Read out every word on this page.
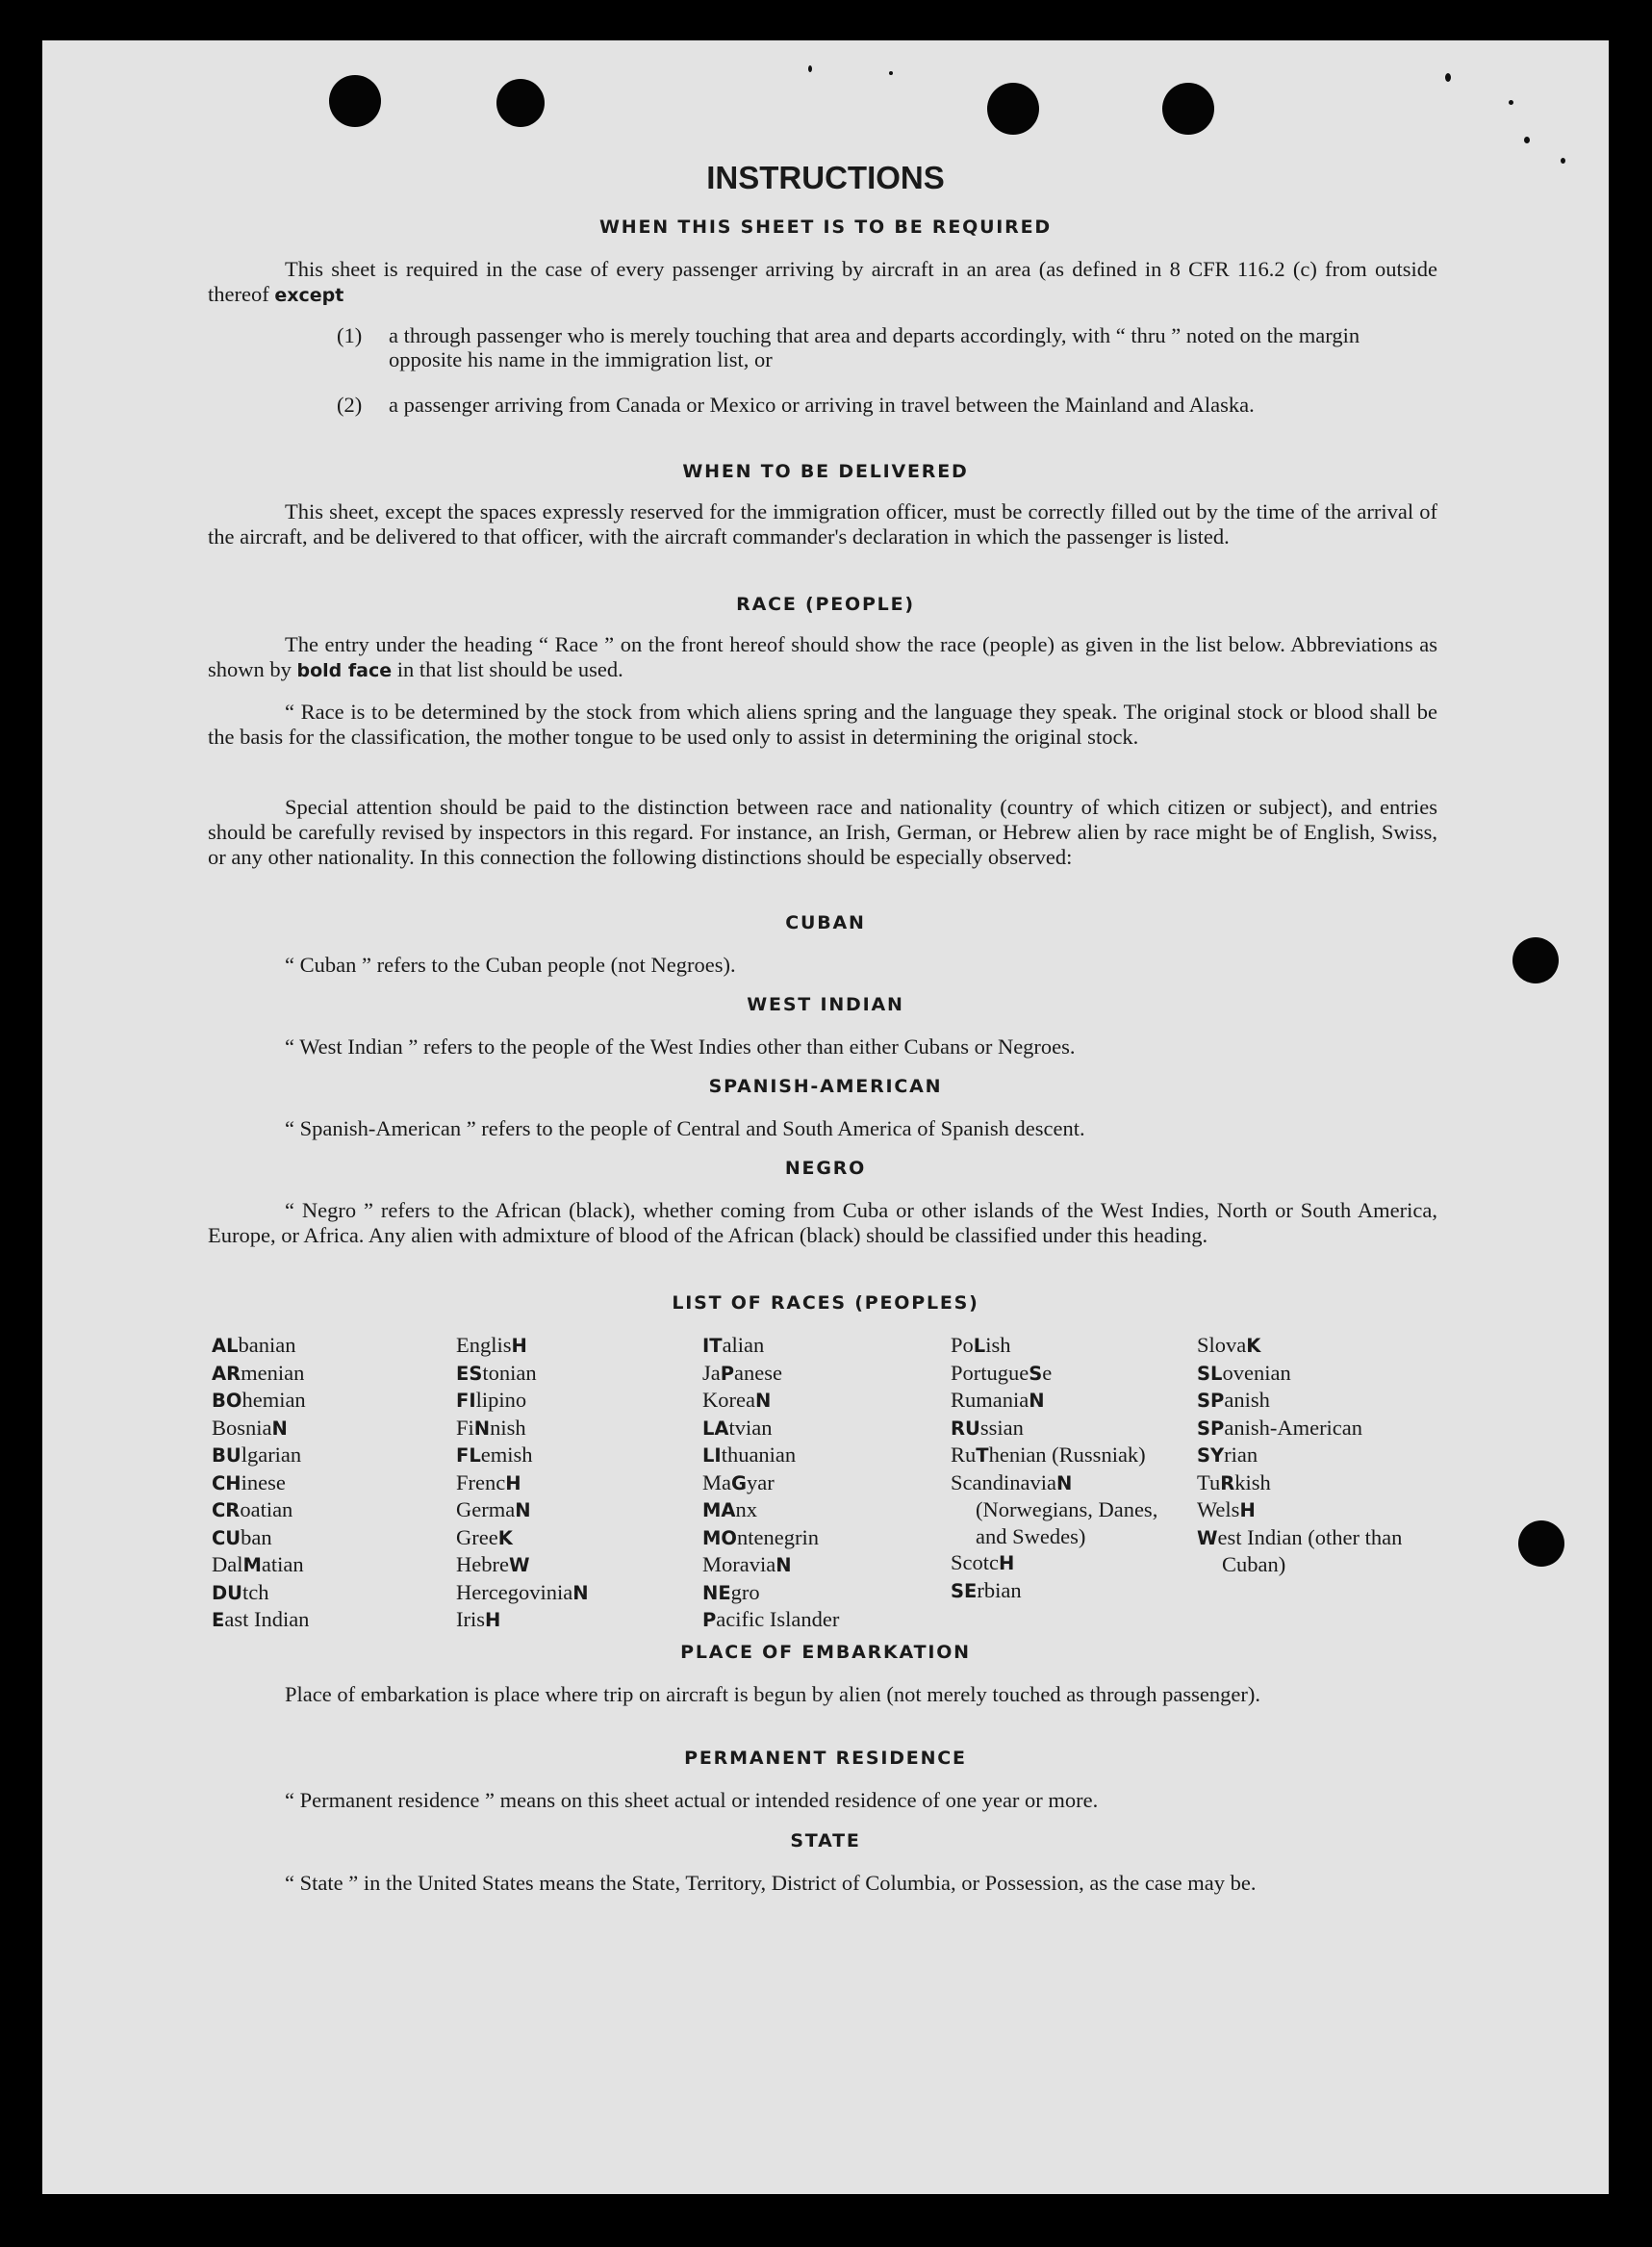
INSTRUCTIONS
WHEN THIS SHEET IS TO BE REQUIRED

This sheet is required in the case of every passenger arriving by aircraft in an area (as defined in 8 CFR 116.2 (c) from outside thereof except

(1) a through passenger who is merely touching that area and departs accordingly, with “ thru ” noted on the margin opposite his name in the immigration list, or

(2) a passenger arriving from Canada or Mexico or arriving in travel between the Mainland and Alaska.

WHEN TO BE DELIVERED

This sheet, except the spaces expressly reserved for the immigration officer, must be correctly filled out by the time of the arrival of the aircraft, and be delivered to that officer, with the aircraft commander's declaration in which the passenger is listed.

RACE (PEOPLE)

The entry under the heading “ Race ” on the front hereof should show the race (people) as given in the list below. Abbreviations as shown by bold face in that list should be used.

“ Race is to be determined by the stock from which aliens spring and the language they speak. The original stock or blood shall be the basis for the classification, the mother tongue to be used only to assist in determining the original stock.

Special attention should be paid to the distinction between race and nationality (country of which citizen or subject), and entries should be carefully revised by inspectors in this regard. For instance, an Irish, German, or Hebrew alien by race might be of English, Swiss, or any other nationality. In this connection the following distinctions should be especially observed:

CUBAN

“ Cuban ” refers to the Cuban people (not Negroes).

WEST INDIAN

“ West Indian ” refers to the people of the West Indies other than either Cubans or Negroes.

SPANISH-AMERICAN

“ Spanish-American ” refers to the people of Central and South America of Spanish descent.

NEGRO

“ Negro ” refers to the African (black), whether coming from Cuba or other islands of the West Indies, North or South America, Europe, or Africa. Any alien with admixture of blood of the African (black) should be classified under this heading.

LIST OF RACES (PEOPLES)
ALbanian
ARmenian
BOhemian
BosniaN
BUlgarian
CHinese
CRoatian
CUban
DalMatian
DUtch
East Indian
EnglisH
EStonian
FIlipino
FiNnish
FLemish
FrencH
GermaN
GreeK
HebreW
HercegoviniaN
IrisH
ITalian
JaPanese
KoreaN
LAtvian
LIthuanian
MaGyar
MAnx
MOntenegrin
MoraviaN
NEgro
Pacific Islander
PoLish
PortugueSe
RumaniaN
RUssian
RuThenian (Russniak)
ScandinaviaN (Norwegians, Danes, and Swedes)
ScotcH
SErbian
SlovaK
SLovenian
SPanish
SPanish-American
SYrian
TuRkish
WelsH
West Indian (other than Cuban)
PLACE OF EMBARKATION

Place of embarkation is place where trip on aircraft is begun by alien (not merely touched as through passenger).

PERMANENT RESIDENCE

“ Permanent residence ” means on this sheet actual or intended residence of one year or more.

STATE

“ State ” in the United States means the State, Territory, District of Columbia, or Possession, as the case may be.
